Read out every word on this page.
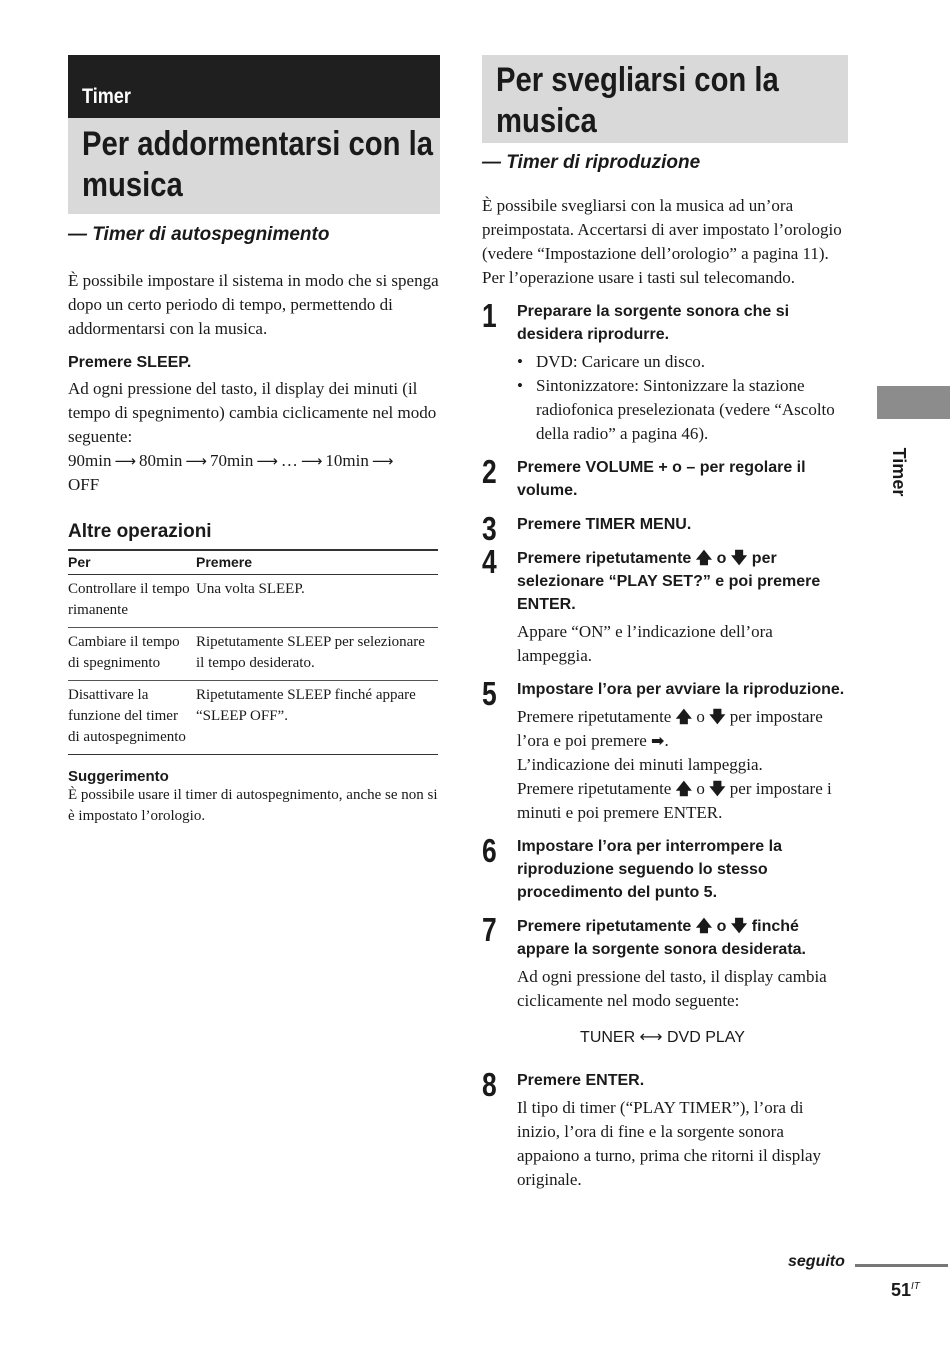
Timer
Per addormentarsi con la
musica
— Timer di autospegnimento
È possibile impostare il sistema in modo che si spenga dopo un certo periodo di tempo, permettendo di addormentarsi con la musica.
Premere SLEEP.
Ad ogni pressione del tasto, il display dei minuti (il tempo di spegnimento) cambia ciclicamente nel modo seguente:
90min ⟶ 80min ⟶ 70min ⟶ … ⟶ 10min ⟶
OFF
Altre operazioni
Per	Premere
Controllare il tempo rimanente	Una volta SLEEP.
Cambiare il tempo di spegnimento	Ripetutamente SLEEP per selezionare il tempo desiderato.
Disattivare la funzione del timer di autospegnimento	Ripetutamente SLEEP finché appare “SLEEP OFF”.
Suggerimento
È possibile usare il timer di autospegnimento, anche se non si è impostato l’orologio.
Per svegliarsi con la
musica
— Timer di riproduzione
È possibile svegliarsi con la musica ad un’ora preimpostata. Accertarsi di aver impostato l’orologio (vedere “Impostazione dell’orologio” a pagina 11).
Per l’operazione usare i tasti sul telecomando.
1 Preparare la sorgente sonora che si desidera riprodurre.
• DVD: Caricare un disco.
• Sintonizzatore: Sintonizzare la stazione radiofonica preselezionata (vedere “Ascolto della radio” a pagina 46).
2 Premere VOLUME + o – per regolare il volume.
3 Premere TIMER MENU.
4 Premere ripetutamente 🡅 o 🡇 per selezionare “PLAY SET?” e poi premere ENTER.
Appare “ON” e l’indicazione dell’ora lampeggia.
5 Impostare l’ora per avviare la riproduzione.
Premere ripetutamente 🡅 o 🡇 per impostare l’ora e poi premere ➡.
L’indicazione dei minuti lampeggia.
Premere ripetutamente 🡅 o 🡇 per impostare i minuti e poi premere ENTER.
6 Impostare l’ora per interrompere la riproduzione seguendo lo stesso procedimento del punto 5.
7 Premere ripetutamente 🡅 o 🡇 finché appare la sorgente sonora desiderata.
Ad ogni pressione del tasto, il display cambia ciclicamente nel modo seguente:
TUNER ⟷ DVD PLAY
8 Premere ENTER.
Il tipo di timer (“PLAY TIMER”), l’ora di inizio, l’ora di fine e la sorgente sonora appaiono a turno, prima che ritorni il display originale.
Timer
seguito
$51^{IT}$
